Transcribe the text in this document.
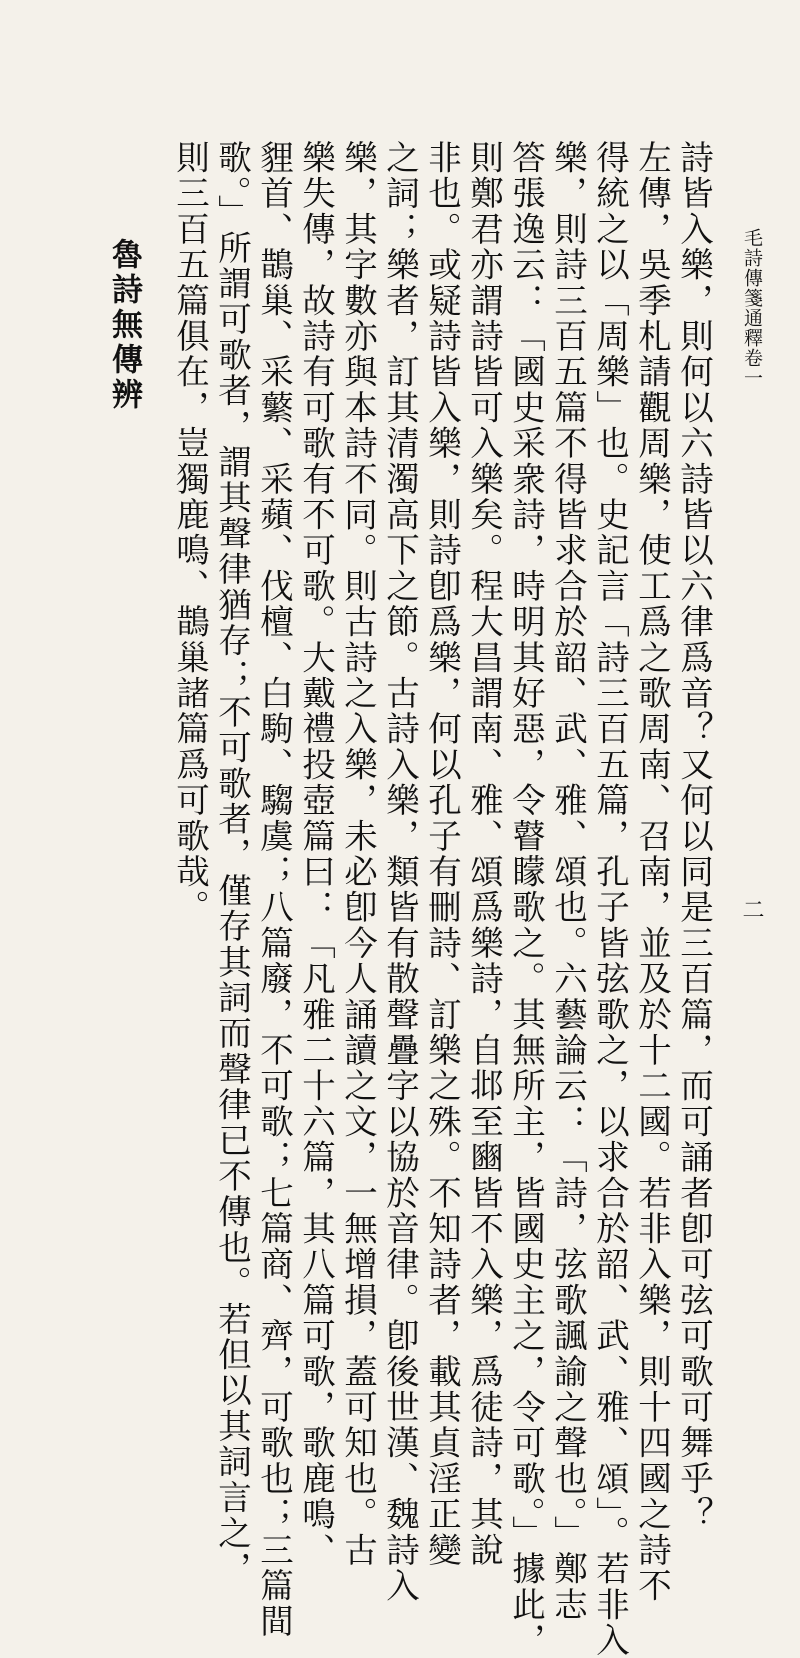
毛詩傳箋通釋卷一
二
詩皆入樂，則何以六詩皆以六律爲音？又何以同是三百篇，而可誦者卽可弦可歌可舞乎？
左傳，吳季札請觀周樂，使工爲之歌周南、召南，並及於十二國。若非入樂，則十四國之詩不
得統之以「周樂」也。史記言「詩三百五篇，孔子皆弦歌之，以求合於韶、武、雅、頌」。若非入
樂，則詩三百五篇不得皆求合於韶、武、雅、頌也。六藝論云：「詩，弦歌諷諭之聲也。」鄭志
答張逸云：「國史采衆詩，時明其好惡，令瞽矇歌之。其無所主，皆國史主之，令可歌。」據此，
則鄭君亦謂詩皆可入樂矣。程大昌謂南、雅、頌爲樂詩，自邶至豳皆不入樂，爲徒詩，其說
非也。或疑詩皆入樂，則詩卽爲樂，何以孔子有刪詩、訂樂之殊。不知詩者，載其貞淫正變
之詞；樂者，訂其清濁高下之節。古詩入樂，類皆有散聲疊字以協於音律。卽後世漢、魏詩入
樂，其字數亦與本詩不同。則古詩之入樂，未必卽今人誦讀之文，一無增損，蓋可知也。古
樂失傳，故詩有可歌有不可歌。大戴禮投壺篇曰：「凡雅二十六篇，其八篇可歌，歌鹿鳴、
貍首、鵲巢、采蘩、采蘋、伐檀、白駒、騶虞；八篇廢，不可歌；七篇商、齊，可歌也；三篇間
歌。」所謂可歌者，謂其聲律猶存；不可歌者，僅存其詞而聲律已不傳也。若但以其詞言之，
則三百五篇俱在，豈獨鹿鳴、鵲巢諸篇爲可歌哉。
魯詩無傳辨
